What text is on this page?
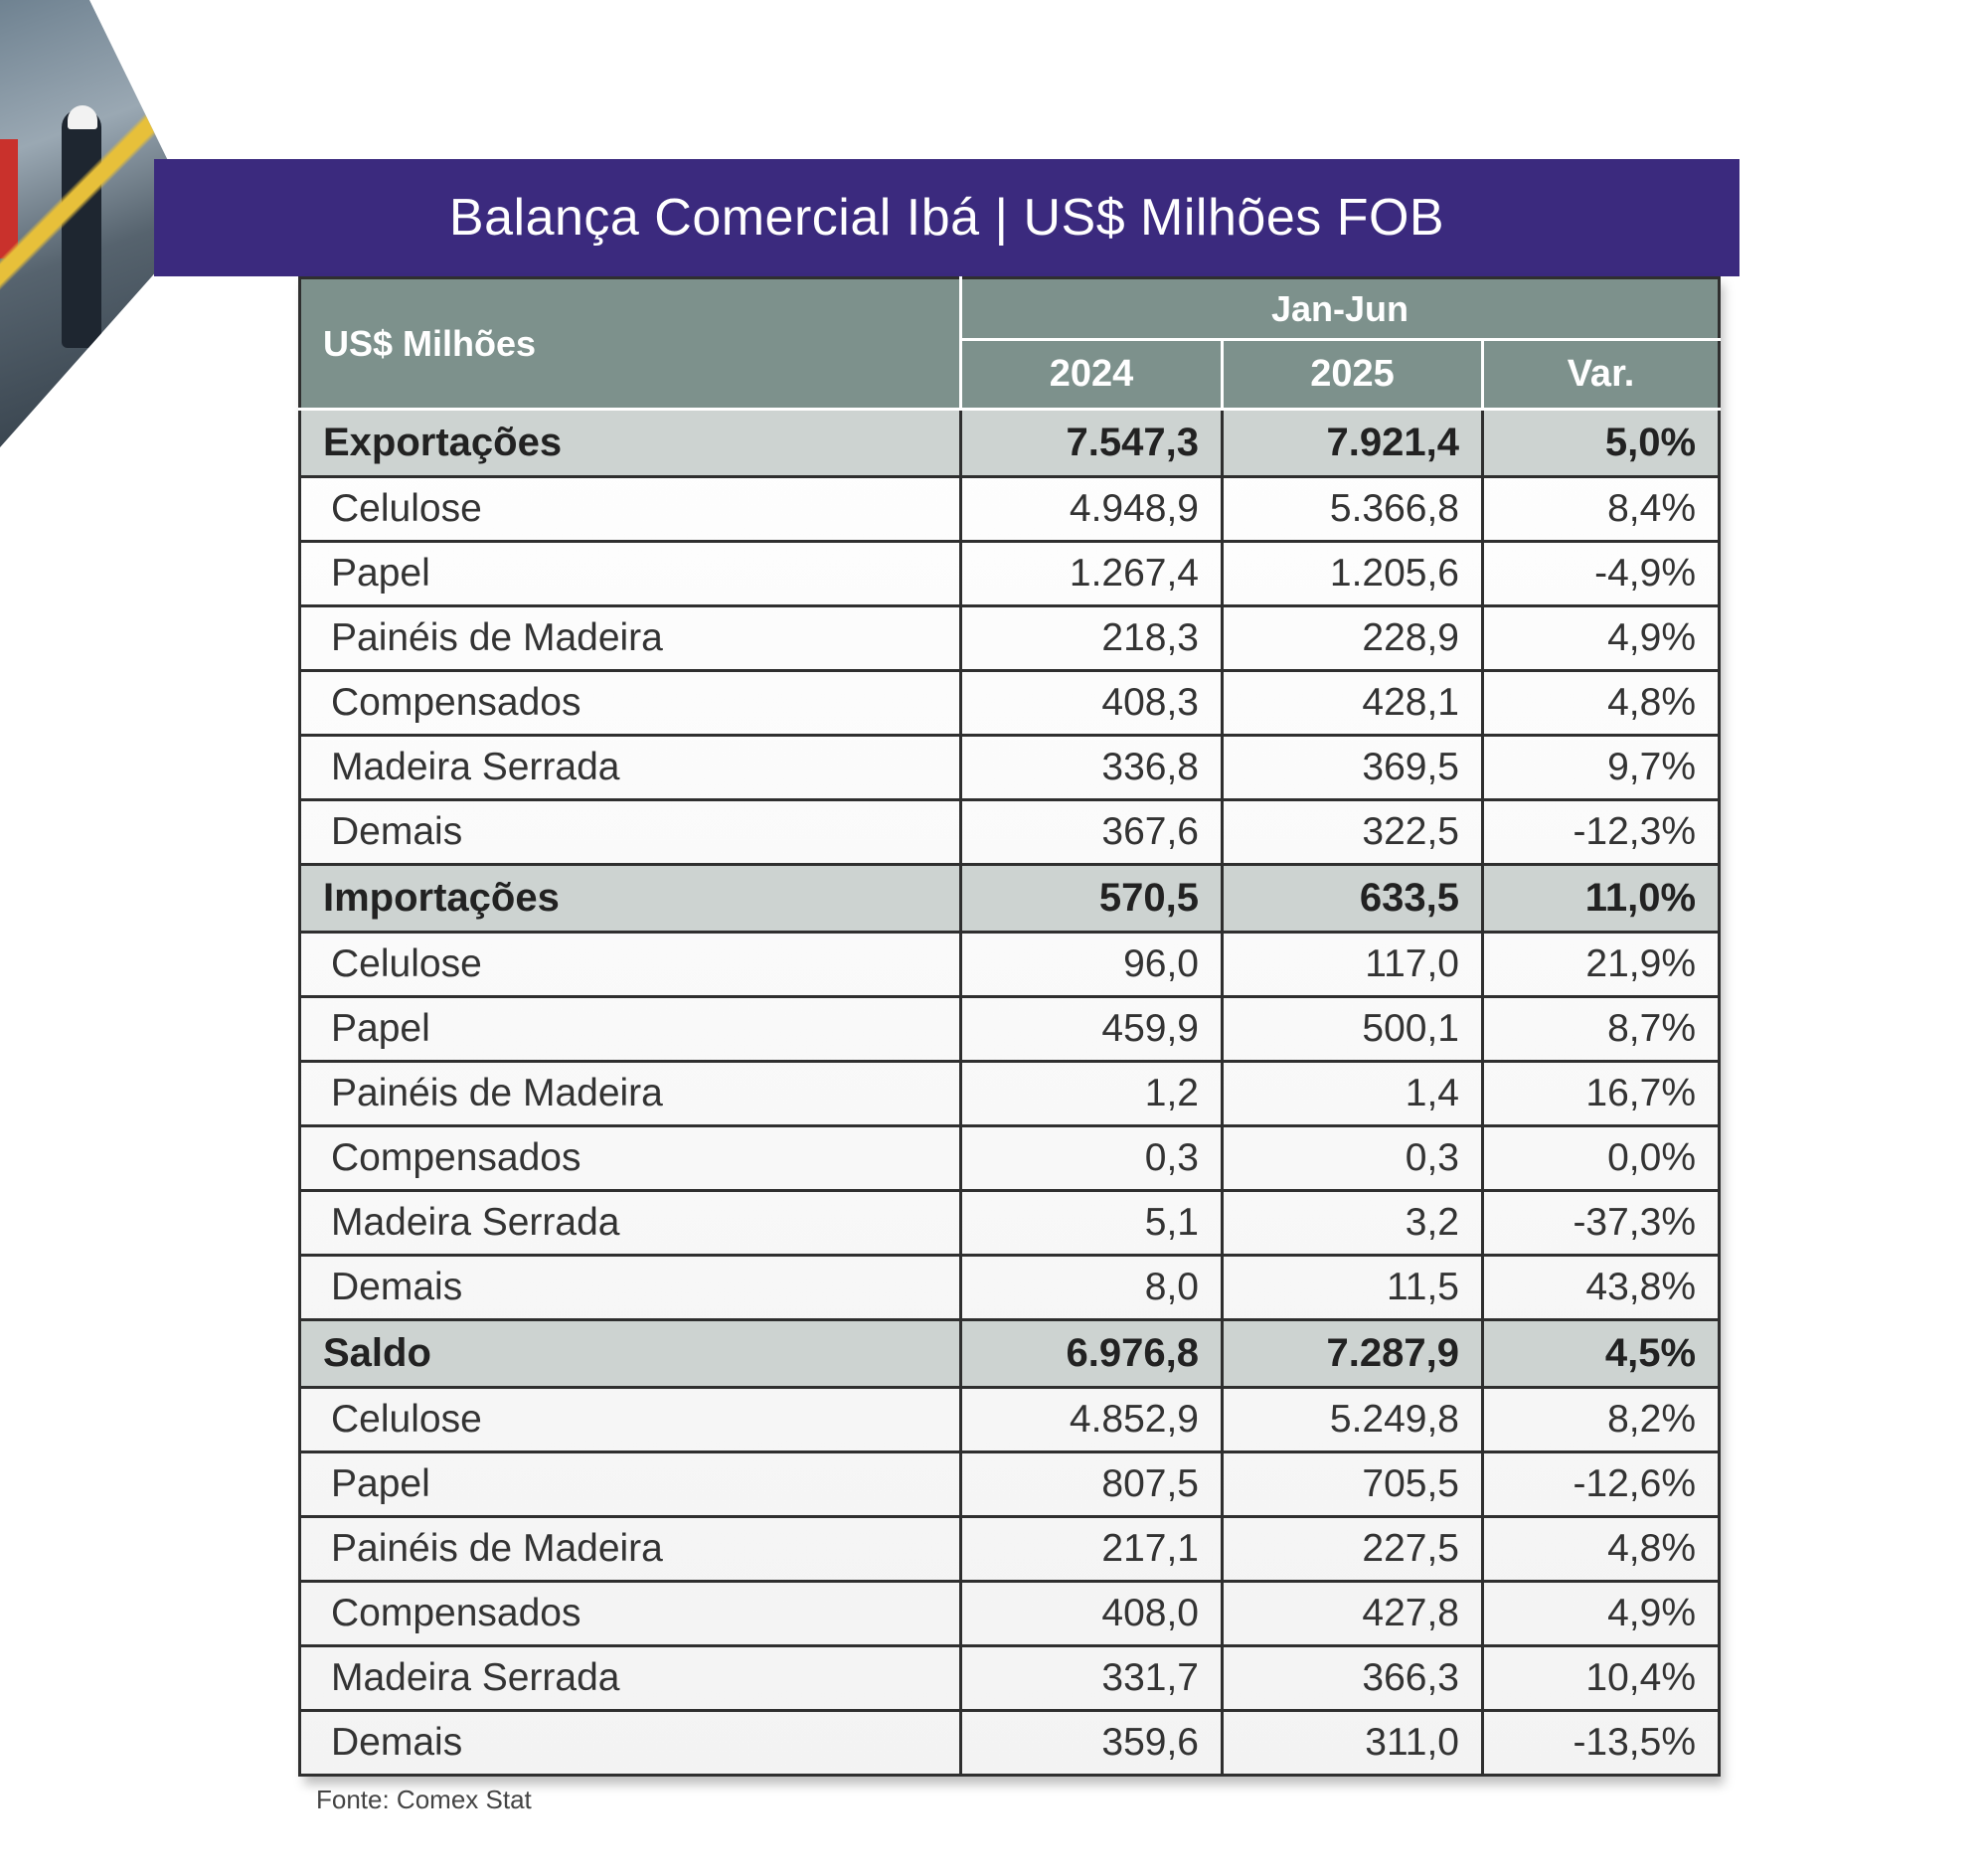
Balança Comercial Ibá | US$ Milhões FOB
US$ Milhões	Jan-Jun		
	2024	2025	Var.
Exportações	7.547,3	7.921,4	5,0%
Celulose	4.948,9	5.366,8	8,4%
Papel	1.267,4	1.205,6	-4,9%
Painéis de Madeira	218,3	228,9	4,9%
Compensados	408,3	428,1	4,8%
Madeira Serrada	336,8	369,5	9,7%
Demais	367,6	322,5	-12,3%
Importações	570,5	633,5	11,0%
Celulose	96,0	117,0	21,9%
Papel	459,9	500,1	8,7%
Painéis de Madeira	1,2	1,4	16,7%
Compensados	0,3	0,3	0,0%
Madeira Serrada	5,1	3,2	-37,3%
Demais	8,0	11,5	43,8%
Saldo	6.976,8	7.287,9	4,5%
Celulose	4.852,9	5.249,8	8,2%
Papel	807,5	705,5	-12,6%
Painéis de Madeira	217,1	227,5	4,8%
Compensados	408,0	427,8	4,9%
Madeira Serrada	331,7	366,3	10,4%
Demais	359,6	311,0	-13,5%
Fonte: Comex Stat
